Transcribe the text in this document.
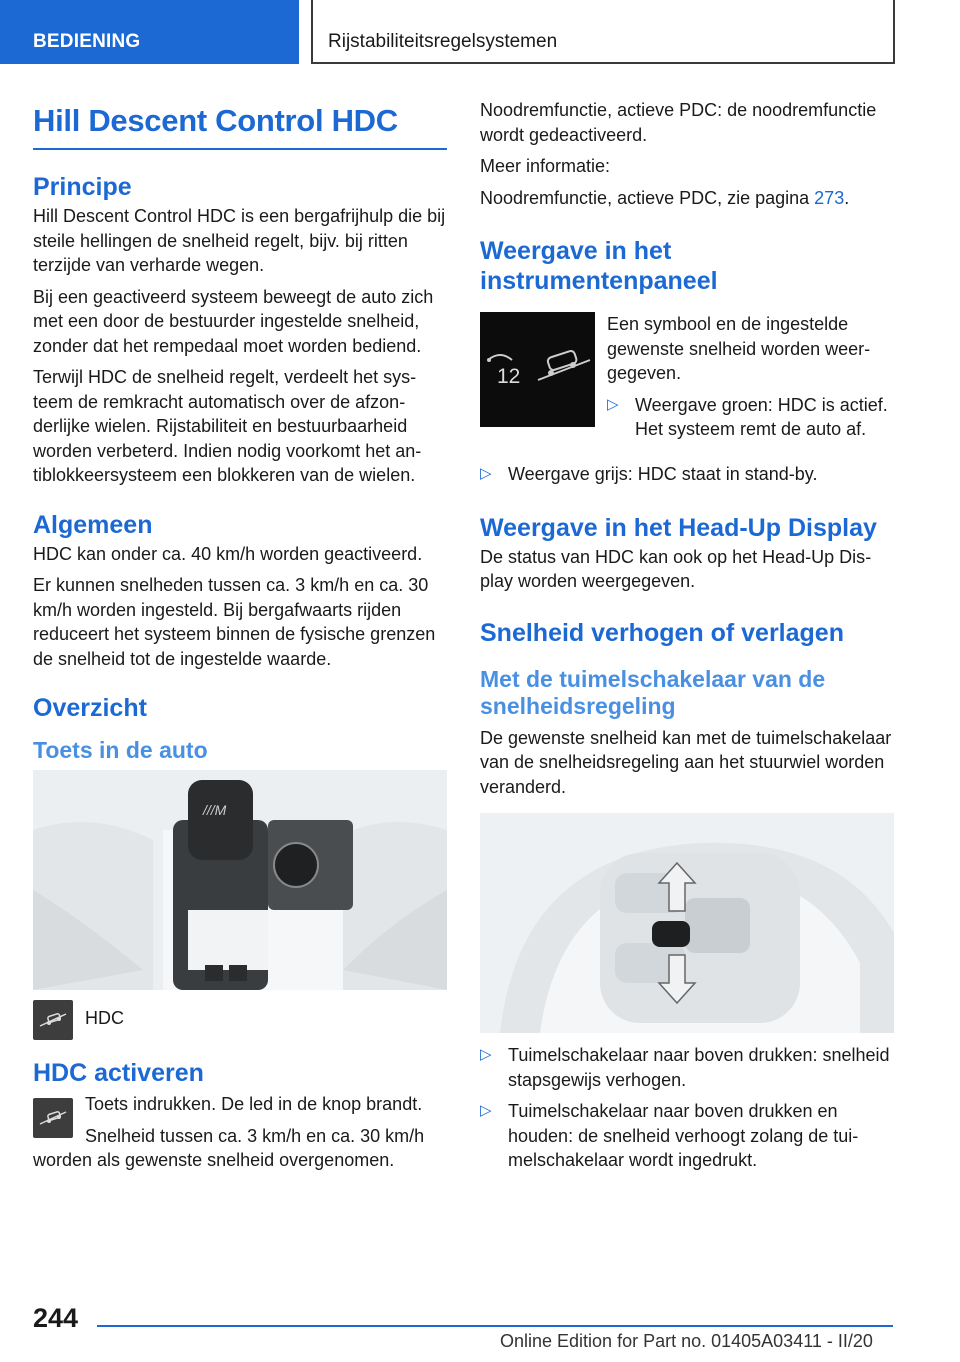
BEDIENING	Rijstabiliteitsregelsystemen
Hill Descent Control HDC
Principe

Hill Descent Control HDC is een bergafrijhulp die bij steile hellingen de snelheid regelt, bijv. bij ritten terzijde van verharde wegen.

Bij een geactiveerd systeem beweegt de auto zich met een door de bestuurder ingestelde snelheid, zonder dat het rempedaal moet worden bediend.

Terwijl HDC de snelheid regelt, verdeelt het systeem de remkracht automatisch over de afzonderlijke wielen. Rijstabiliteit en bestuurbaarheid worden verbeterd. Indien nodig voorkomt het antiblokkeersysteem een blokkeren van de wielen.

Algemeen

HDC kan onder ca. 40 km/h worden geactiveerd.

Er kunnen snelheden tussen ca. 3 km/h en ca. 30 km/h worden ingesteld. Bij bergafwaarts rijden reduceert het systeem binnen de fysische grenzen de snelheid tot de ingestelde waarde.

Overzicht
Toets in de auto
///M
HDC
HDC activeren

Toets indrukken. De led in de knop brandt.

Snelheid tussen ca. 3 km/h en ca. 30 km/h worden als gewenste snelheid overgenomen.

Noodremfunctie, actieve PDC: de noodremfunctie wordt gedeactiveerd.

Meer informatie:

Noodremfunctie, actieve PDC, zie pagina 273.

Weergave in het instrumentenpaneel
12

Een symbool en de ingestelde gewenste snelheid worden weergegeven.

▷ Weergave groen: HDC is actief. Het systeem remt de auto af.
▷ Weergave grijs: HDC staat in stand-by.
Weergave in het Head-Up Display

De status van HDC kan ook op het Head-Up Display worden weergegeven.

Snelheid verhogen of verlagen
Met de tuimelschakelaar van de snelheidsregeling

De gewenste snelheid kan met de tuimelschakelaar van de snelheidsregeling aan het stuurwiel worden veranderd.

▷ Tuimelschakelaar naar boven drukken: snelheid stapsgewijs verhogen.
▷ Tuimelschakelaar naar boven drukken en houden: de snelheid verhoogt zolang de tuimelschakelaar wordt ingedrukt.
244
Online Edition for Part no. 01405A03411 - II/20
